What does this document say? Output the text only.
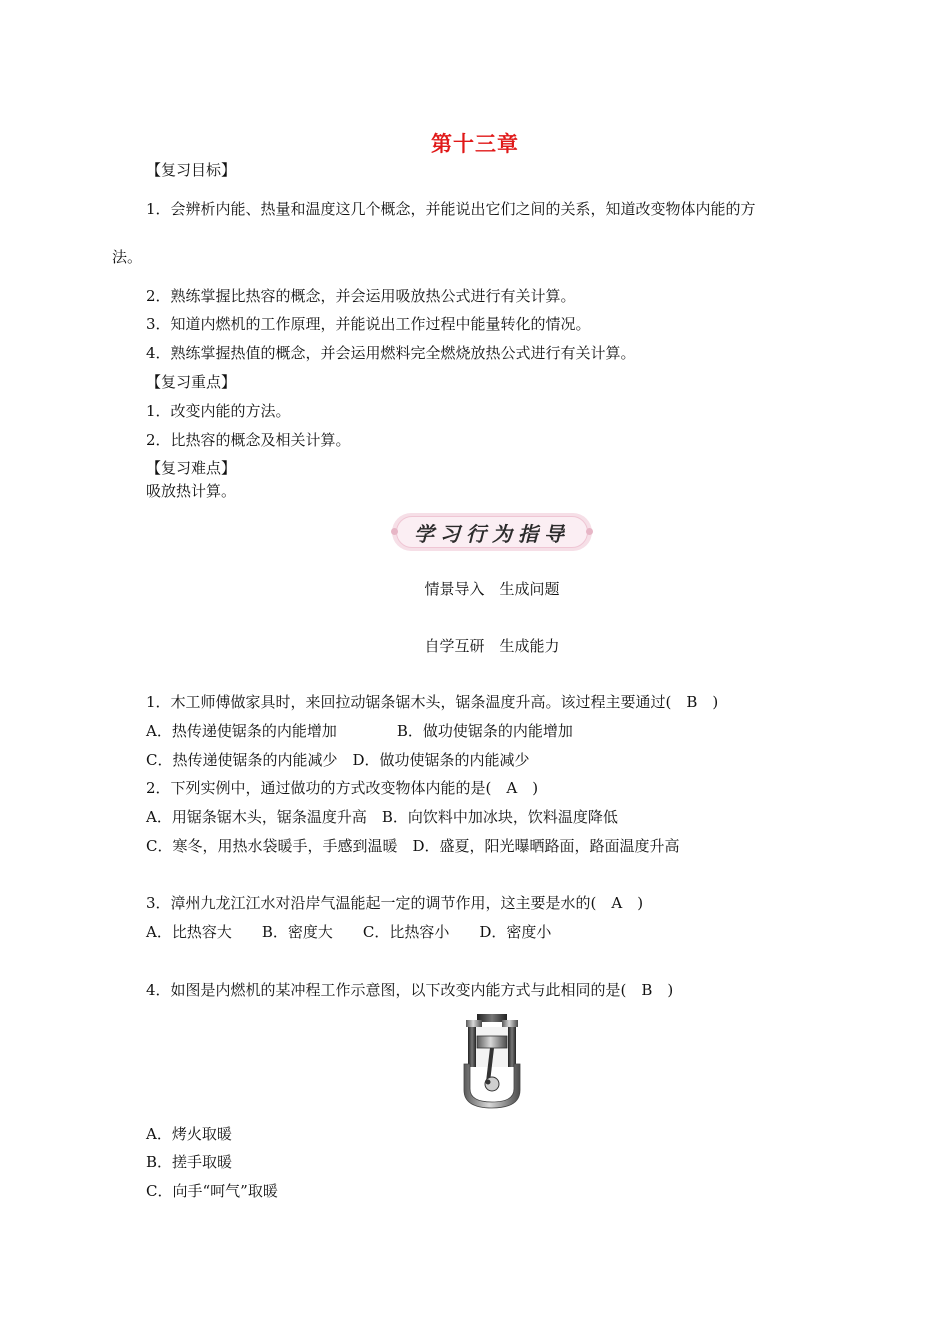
第十三章
【复习目标】
1．会辨析内能、热量和温度这几个概念，并能说出它们之间的关系，知道改变物体内能的方
法。
2．熟练掌握比热容的概念，并会运用吸放热公式进行有关计算。
3．知道内燃机的工作原理，并能说出工作过程中能量转化的情况。
4．熟练掌握热值的概念，并会运用燃料完全燃烧放热公式进行有关计算。
【复习重点】
1．改变内能的方法。
2．比热容的概念及相关计算。
【复习难点】
吸放热计算。
学习行为指导
情景导入　生成问题
自学互研　生成能力
1．木工师傅做家具时，来回拉动锯条锯木头，锯条温度升高。该过程主要通过(　B　)
A．热传递使锯条的内能增加　　　　B．做功使锯条的内能增加
C．热传递使锯条的内能减少　D．做功使锯条的内能减少
2．下列实例中，通过做功的方式改变物体内能的是(　A　)
A．用锯条锯木头，锯条温度升高　B．向饮料中加冰块，饮料温度降低
C．寒冬，用热水袋暖手，手感到温暖　D．盛夏，阳光曝晒路面，路面温度升高
3．漳州九龙江江水对沿岸气温能起一定的调节作用，这主要是水的(　A　)
A．比热容大　　B．密度大　　C．比热容小　　D．密度小
4．如图是内燃机的某冲程工作示意图，以下改变内能方式与此相同的是(　B　)
A．烤火取暖
B．搓手取暖
C．向手“呵气”取暖
